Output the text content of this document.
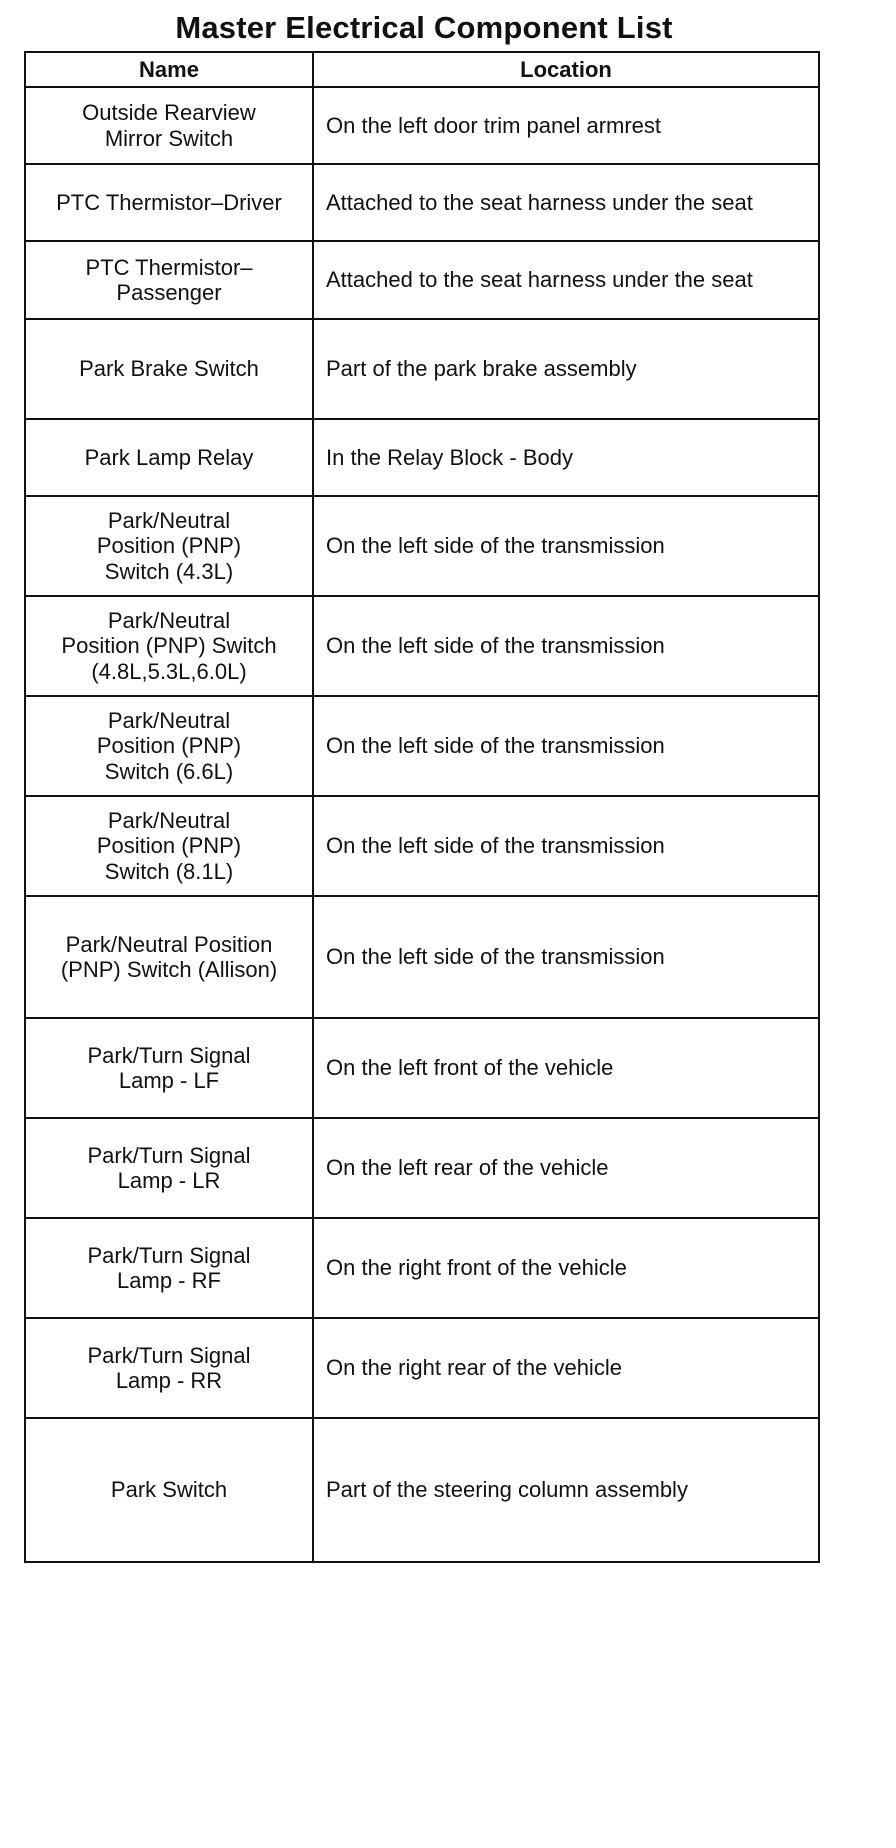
Master Electrical Component List
Name	Location
Outside Rearview
Mirror Switch	On the left door trim panel armrest
PTC Thermistor–Driver	Attached to the seat harness under the seat
PTC Thermistor–
Passenger	Attached to the seat harness under the seat
Park Brake Switch	Part of the park brake assembly
Park Lamp Relay	In the Relay Block - Body
Park/Neutral
Position (PNP)
Switch (4.3L)	On the left side of the transmission
Park/Neutral
Position (PNP) Switch
(4.8L,5.3L,6.0L)	On the left side of the transmission
Park/Neutral
Position (PNP)
Switch (6.6L)	On the left side of the transmission
Park/Neutral
Position (PNP)
Switch (8.1L)	On the left side of the transmission
Park/Neutral Position
(PNP) Switch (Allison)	On the left side of the transmission
Park/Turn Signal
Lamp - LF	On the left front of the vehicle
Park/Turn Signal
Lamp - LR	On the left rear of the vehicle
Park/Turn Signal
Lamp - RF	On the right front of the vehicle
Park/Turn Signal
Lamp - RR	On the right rear of the vehicle
Park Switch	Part of the steering column assembly
